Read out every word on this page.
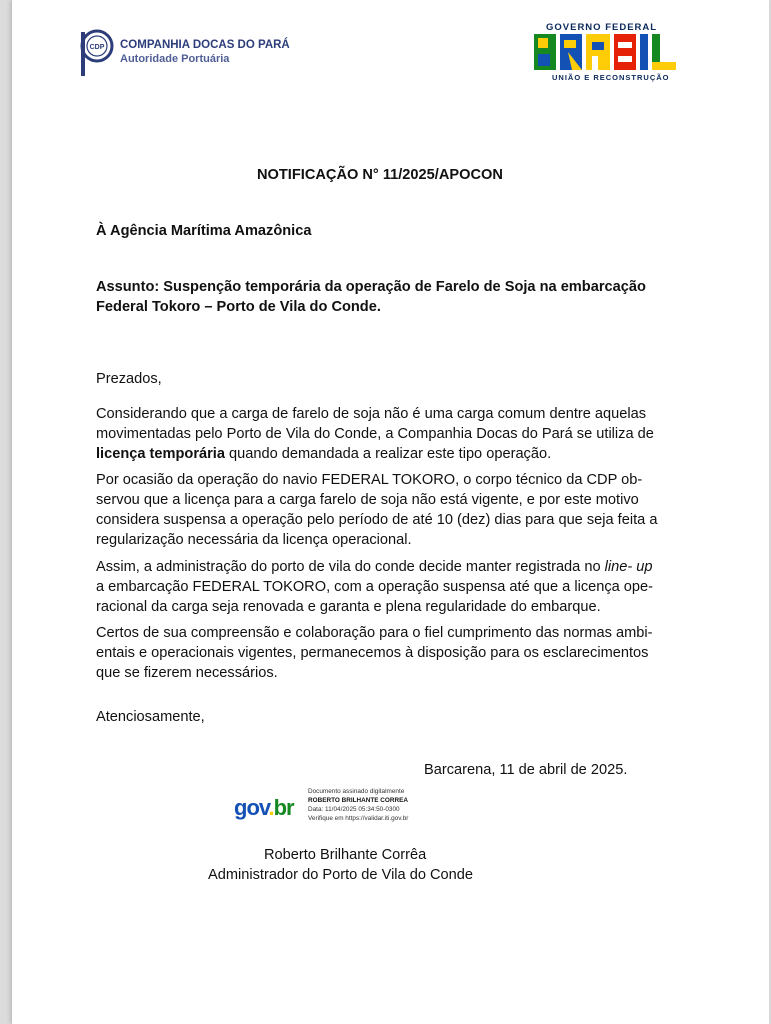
CDP COMPANHIA DOCAS DO PARÁ
Autoridade Portuária
GOVERNO FEDERAL
UNIÃO E RECONSTRUÇÃO
NOTIFICAÇÃO N° 11/2025/APOCON
À Agência Marítima Amazônica
Assunto: Suspenção temporária da operação de Farelo de Soja na embarcação
Federal Tokoro – Porto de Vila do Conde.
Prezados,
Considerando que a carga de farelo de soja não é uma carga comum dentre aquelas
movimentadas pelo Porto de Vila do Conde, a Companhia Docas do Pará se utiliza de
licença temporária quando demandada a realizar este tipo operação.
Por ocasião da operação do navio FEDERAL TOKORO, o corpo técnico da CDP ob-
servou que a licença para a carga farelo de soja não está vigente, e por este motivo
considera suspensa a operação pelo período de até 10 (dez) dias para que seja feita a
regularização necessária da licença operacional.
Assim, a administração do porto de vila do conde decide manter registrada no line- up
a embarcação FEDERAL TOKORO, com a operação suspensa até que a licença ope-
racional da carga seja renovada e garanta e plena regularidade do embarque.
Certos de sua compreensão e colaboração para o fiel cumprimento das normas ambi-
entais e operacionais vigentes, permanecemos à disposição para os esclarecimentos
que se fizerem necessários.
Atenciosamente,
Barcarena, 11 de abril de 2025.
gov.br
Documento assinado digitalmente
ROBERTO BRILHANTE CORREA
Data: 11/04/2025 05:34:50-0300
Verifique em https://validar.iti.gov.br
Roberto Brilhante Corrêa
Administrador do Porto de Vila do Conde
